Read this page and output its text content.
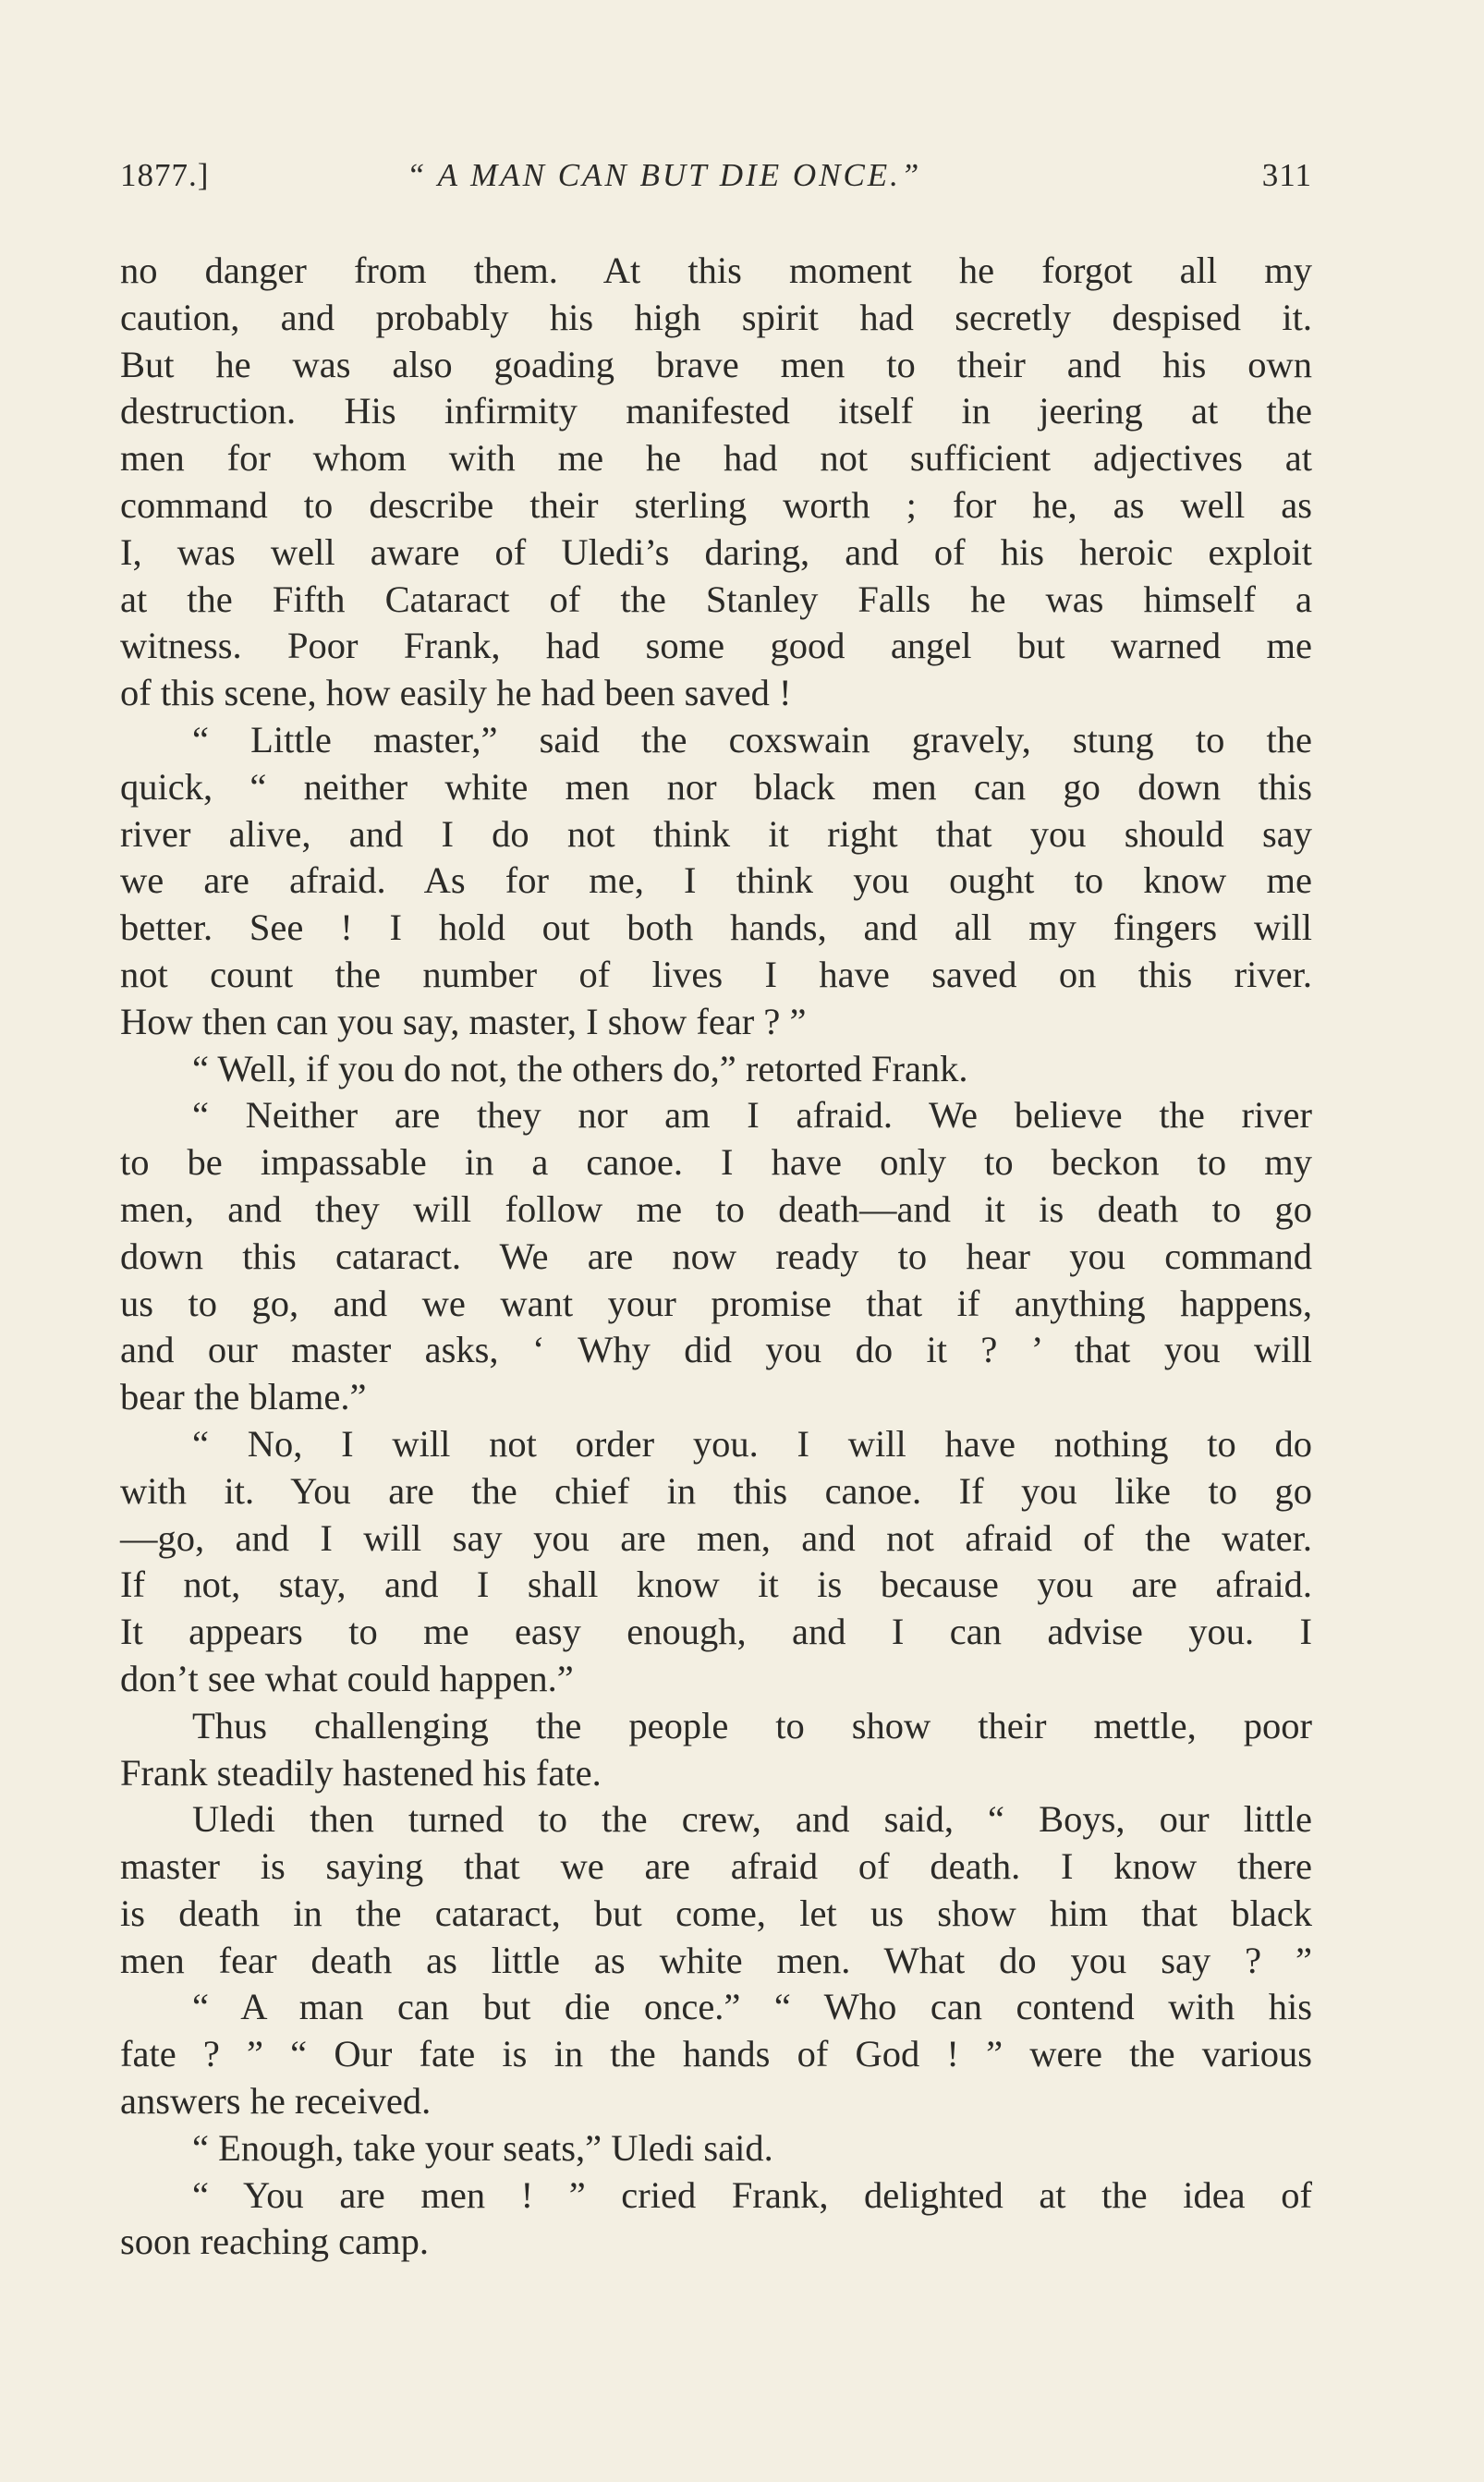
1877.]	“ A MAN CAN BUT DIE ONCE.”	311
no danger from them. At this moment he forgot all my
caution, and probably his high spirit had secretly despised it.
But he was also goading brave men to their and his own
destruction. His infirmity manifested itself in jeering at the
men for whom with me he had not sufficient adjectives at
command to describe their sterling worth ; for he, as well as
I, was well aware of Uledi’s daring, and of his heroic exploit
at the Fifth Cataract of the Stanley Falls he was himself a
witness. Poor Frank, had some good angel but warned me
of this scene, how easily he had been saved !
“ Little master,” said the coxswain gravely, stung to the
quick, “ neither white men nor black men can go down this
river alive, and I do not think it right that you should say
we are afraid. As for me, I think you ought to know me
better. See ! I hold out both hands, and all my fingers will
not count the number of lives I have saved on this river.
How then can you say, master, I show fear ? ”
“ Well, if you do not, the others do,” retorted Frank.
“ Neither are they nor am I afraid. We believe the river
to be impassable in a canoe. I have only to beckon to my
men, and they will follow me to death—and it is death to go
down this cataract. We are now ready to hear you command
us to go, and we want your promise that if anything happens,
and our master asks, ‘ Why did you do it ? ’ that you will
bear the blame.”
“ No, I will not order you. I will have nothing to do
with it. You are the chief in this canoe. If you like to go
—go, and I will say you are men, and not afraid of the water.
If not, stay, and I shall know it is because you are afraid.
It appears to me easy enough, and I can advise you. I
don’t see what could happen.”
Thus challenging the people to show their mettle, poor
Frank steadily hastened his fate.
Uledi then turned to the crew, and said, “ Boys, our little
master is saying that we are afraid of death. I know there
is death in the cataract, but come, let us show him that black
men fear death as little as white men. What do you say ? ”
“ A man can but die once.” “ Who can contend with his
fate ? ” “ Our fate is in the hands of God ! ” were the various
answers he received.
“ Enough, take your seats,” Uledi said.
“ You are men ! ” cried Frank, delighted at the idea of
soon reaching camp.
